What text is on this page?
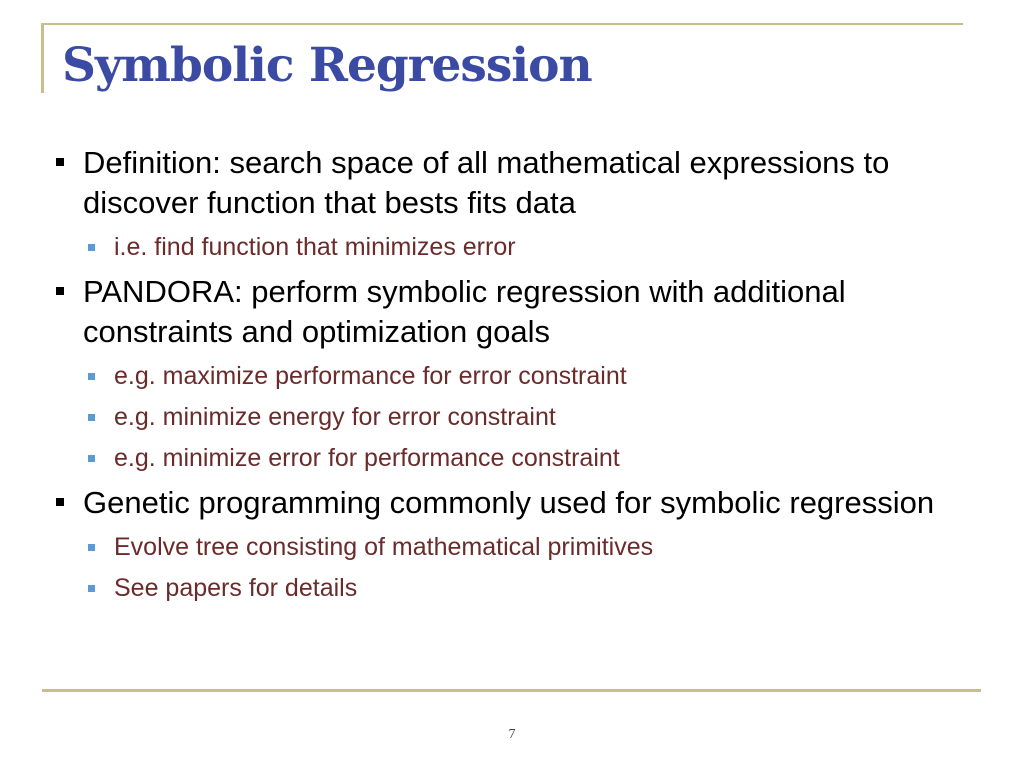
Symbolic Regression
Definition: search space of all mathematical expressions to discover function that bests fits data
i.e. find function that minimizes error
PANDORA: perform symbolic regression with additional constraints and optimization goals
e.g. maximize performance for error constraint
e.g. minimize energy for error constraint
e.g. minimize error for performance constraint
Genetic programming commonly used for symbolic regression
Evolve tree consisting of mathematical primitives
See papers for details
7
